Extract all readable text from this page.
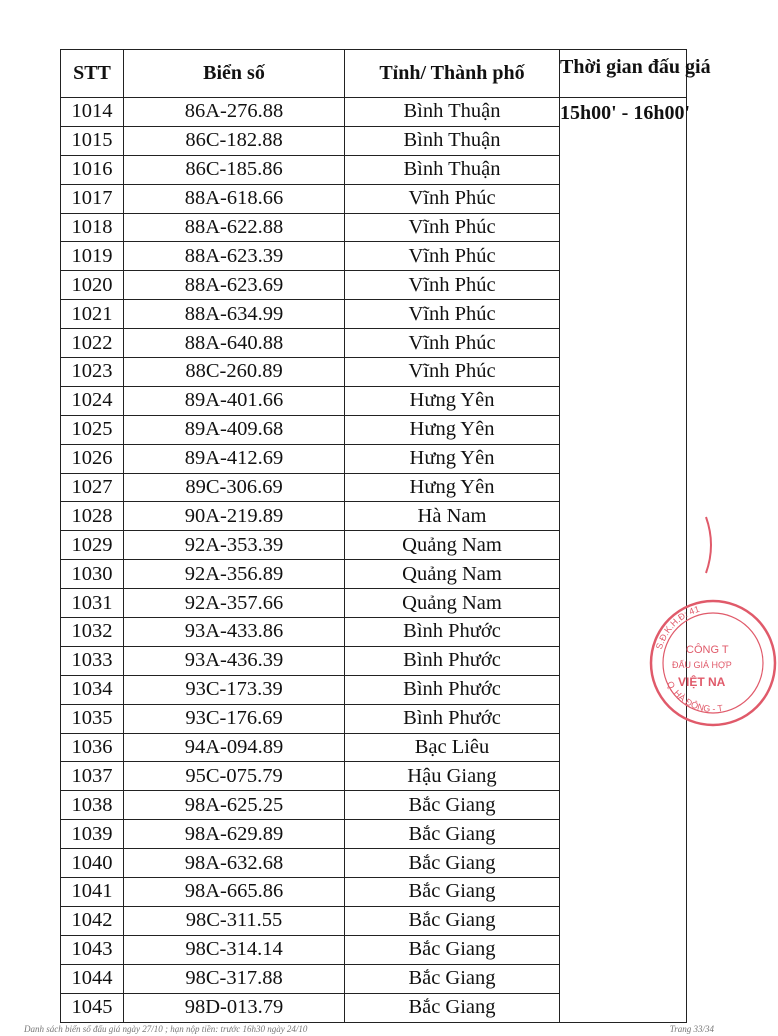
STT	Biển số	Tỉnh/ Thành phố	Thời gian đấu giá
1014	86A-276.88	Bình Thuận	15h00' - 16h00'
1015	86C-182.88	Bình Thuận	
1016	86C-185.86	Bình Thuận	
1017	88A-618.66	Vĩnh Phúc	
1018	88A-622.88	Vĩnh Phúc	
1019	88A-623.39	Vĩnh Phúc	
1020	88A-623.69	Vĩnh Phúc	
1021	88A-634.99	Vĩnh Phúc	
1022	88A-640.88	Vĩnh Phúc	
1023	88C-260.89	Vĩnh Phúc	
1024	89A-401.66	Hưng Yên	
1025	89A-409.68	Hưng Yên	
1026	89A-412.69	Hưng Yên	
1027	89C-306.69	Hưng Yên	
1028	90A-219.89	Hà Nam	
1029	92A-353.39	Quảng Nam	
1030	92A-356.89	Quảng Nam	
1031	92A-357.66	Quảng Nam	
1032	93A-433.86	Bình Phước	
1033	93A-436.39	Bình Phước	
1034	93C-173.39	Bình Phước	
1035	93C-176.69	Bình Phước	
1036	94A-094.89	Bạc Liêu	
1037	95C-075.79	Hậu Giang	
1038	98A-625.25	Bắc Giang	
1039	98A-629.89	Bắc Giang	
1040	98A-632.68	Bắc Giang	
1041	98A-665.86	Bắc Giang	
1042	98C-311.55	Bắc Giang	
1043	98C-314.14	Bắc Giang	
1044	98C-317.88	Bắc Giang	
1045	98D-013.79	Bắc Giang	
S.Đ.K.H.Đ: 41
Q. HÀ ĐÔNG - T
CÔNG T
ĐẤU GIÁ HỢP
VIỆT NA
Danh sách biển số đấu giá ngày 27/10 ; hạn nộp tiền: trước 16h30 ngày 24/10	Trang 33/34
